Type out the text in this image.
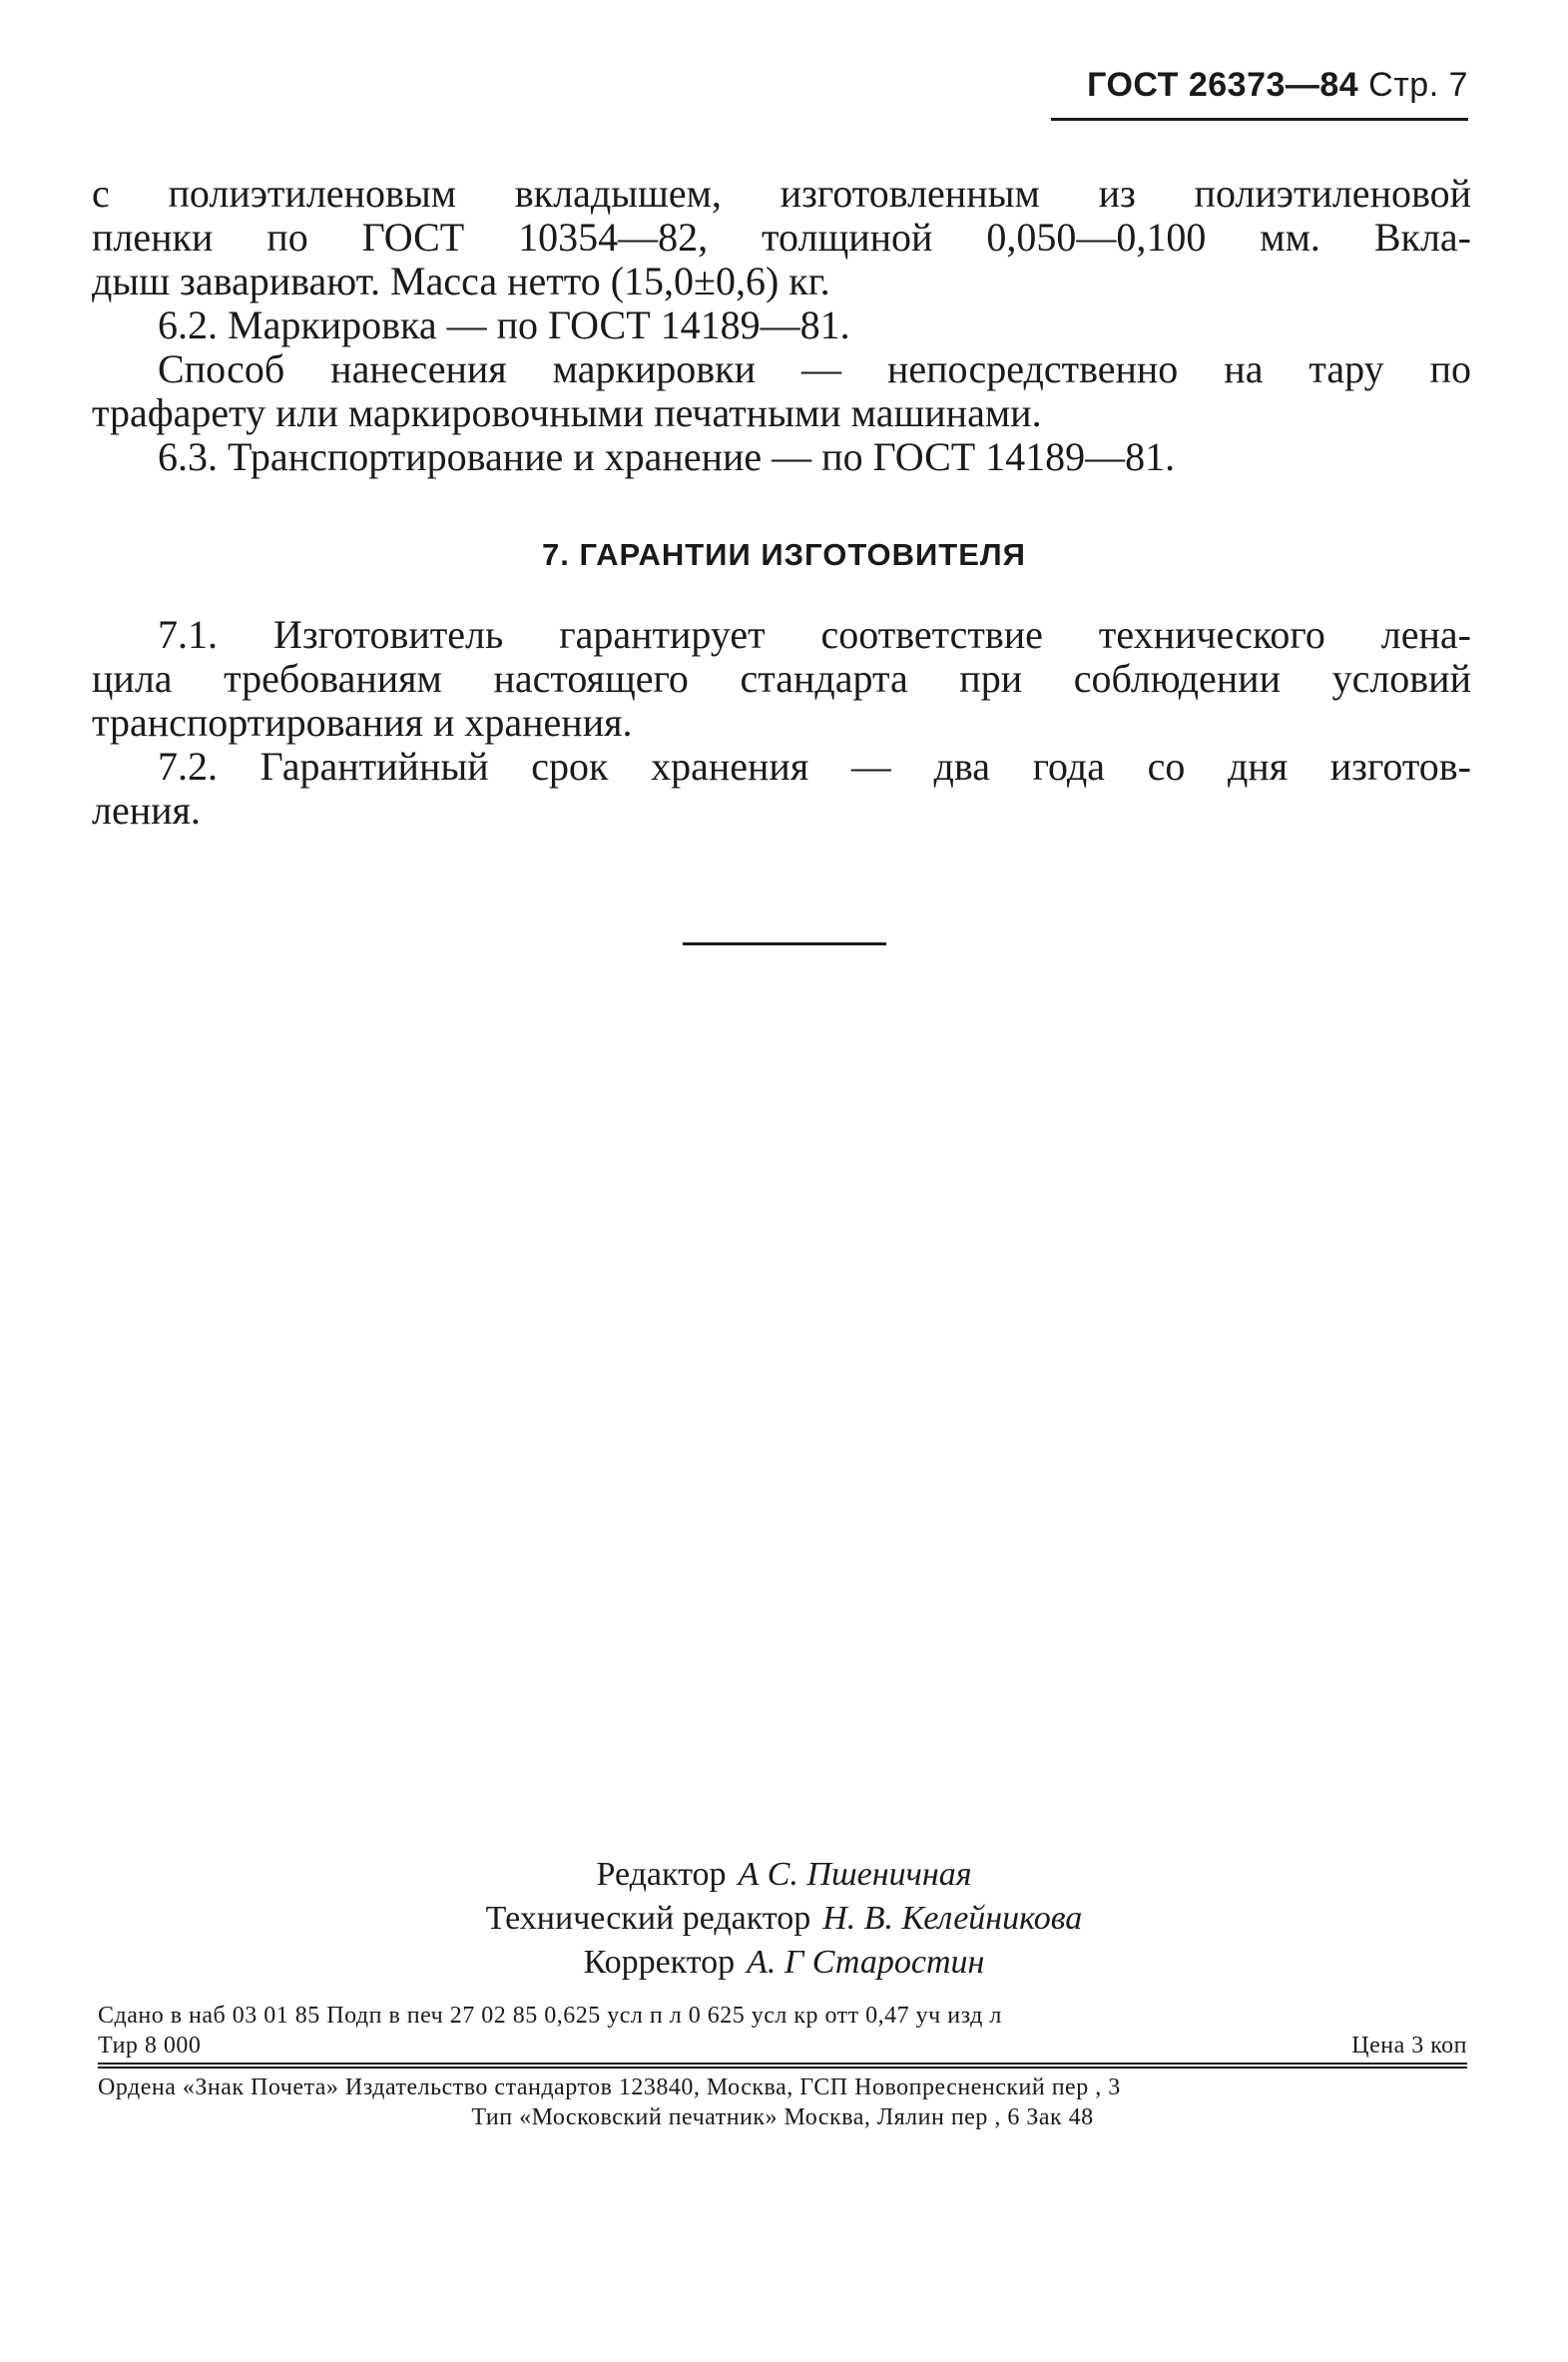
ГОСТ 26373—84 Стр. 7

с полиэтиленовым вкладышем, изготовленным из полиэтиленовой

пленки по ГОСТ 10354—82, толщиной 0,050—0,100 мм. Вкла-

дыш заваривают. Масса нетто (15,0±0,6) кг.

6.2. Маркировка — по ГОСТ 14189—81.

Способ нанесения маркировки — непосредственно на тару по

трафарету или маркировочными печатными машинами.

6.3. Транспортирование и хранение — по ГОСТ 14189—81.

7. ГАРАНТИИ ИЗГОТОВИТЕЛЯ

7.1. Изготовитель гарантирует соответствие технического лена-

цила требованиям настоящего стандарта при соблюдении условий

транспортирования и хранения.

7.2. Гарантийный срок хранения — два года со дня изготов-

ления.

Редактор А С. Пшеничная
Технический редактор Н. В. Келейникова
Корректор А. Г Старостин
Сдано в наб 03 01 85 Подп в печ 27 02 85 0,625 усл п л 0 625 усл кр отт 0,47 уч изд л
Тир 8 000	Цена 3 коп
Ордена «Знак Почета» Издательство стандартов 123840, Москва, ГСП Новопресненский пер , 3
Тип «Московский печатник» Москва, Лялин пер , 6 Зак 48
